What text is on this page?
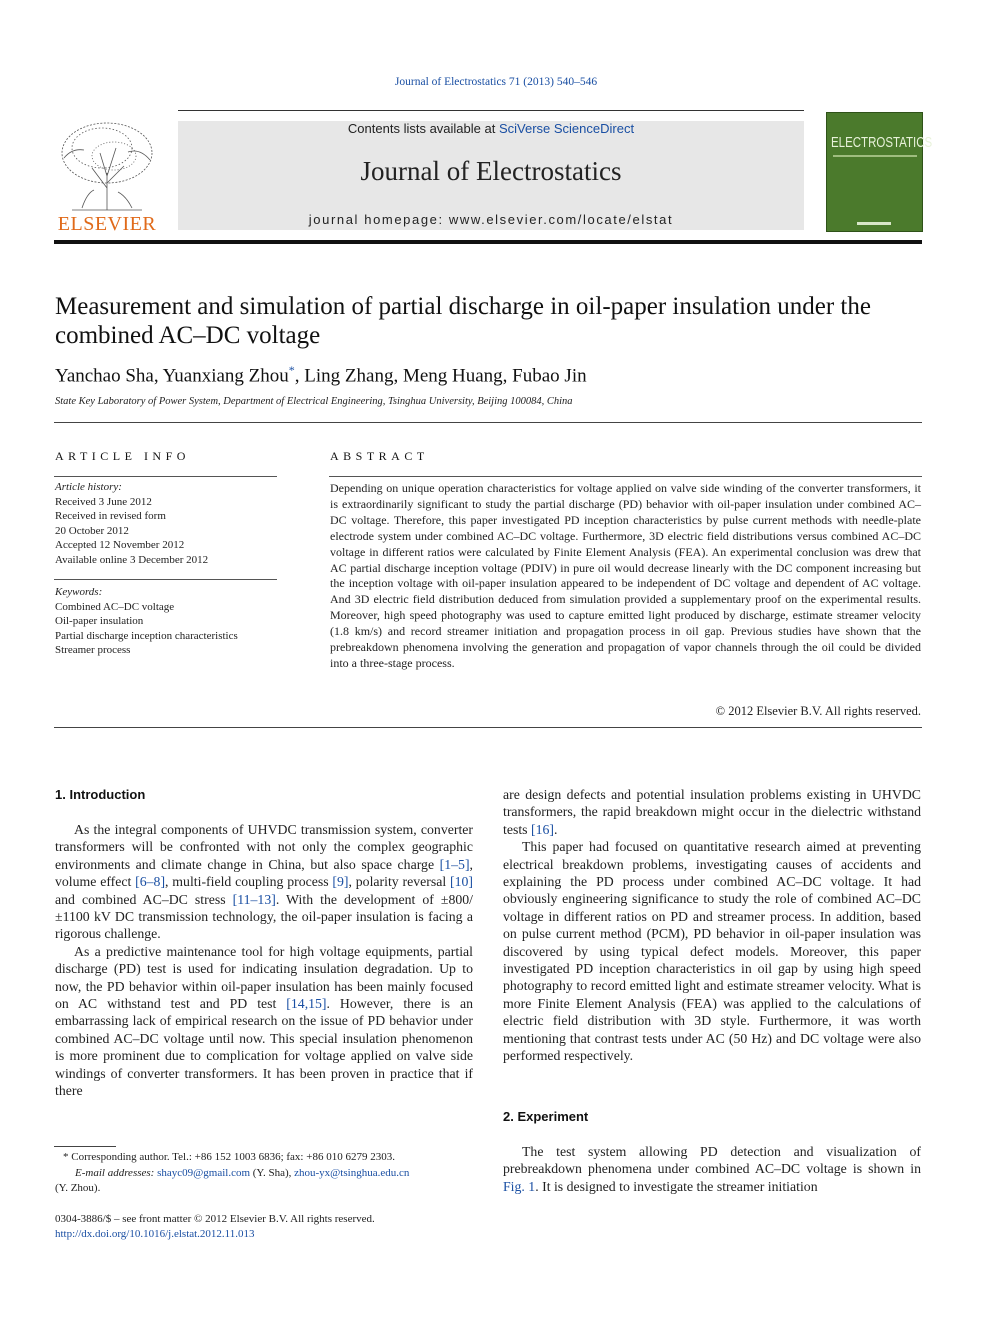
Journal of Electrostatics 71 (2013) 540–546
ELSEVIER
Contents lists available at SciVerse ScienceDirect
Journal of Electrostatics
journal homepage: www.elsevier.com/locate/elstat
ELECTROSTATICS
Measurement and simulation of partial discharge in oil-paper insulation under the combined AC–DC voltage
Yanchao Sha, Yuanxiang Zhou*, Ling Zhang, Meng Huang, Fubao Jin
State Key Laboratory of Power System, Department of Electrical Engineering, Tsinghua University, Beijing 100084, China
ARTICLE INFO
Article history:
Received 3 June 2012
Received in revised form
20 October 2012
Accepted 12 November 2012
Available online 3 December 2012
Keywords:
Combined AC–DC voltage
Oil-paper insulation
Partial discharge inception characteristics
Streamer process
ABSTRACT
Depending on unique operation characteristics for voltage applied on valve side winding of the converter transformers, it is extraordinarily significant to study the partial discharge (PD) behavior with oil-paper insulation under combined AC–DC voltage. Therefore, this paper investigated PD inception characteristics by pulse current methods with needle-plate electrode system under combined AC–DC voltage. Furthermore, 3D electric field distributions versus combined AC–DC voltage in different ratios were calculated by Finite Element Analysis (FEA). An experimental conclusion was drew that AC partial discharge inception voltage (PDIV) in pure oil would decrease linearly with the DC component increasing but the inception voltage with oil-paper insulation appeared to be independent of DC voltage and dependent of AC voltage. And 3D electric field distribution deduced from simulation provided a supplementary proof on the experimental results. Moreover, high speed photography was used to capture emitted light produced by discharge, estimate streamer velocity (1.8 km/s) and record streamer initiation and propagation process in oil gap. Previous studies have shown that the prebreakdown phenomena involving the generation and propagation of vapor channels through the oil could be divided into a three-stage process.
© 2012 Elsevier B.V. All rights reserved.
1. Introduction

As the integral components of UHVDC transmission system, converter transformers will be confronted with not only the complex geographic environments and climate change in China, but also space charge [1–5], volume effect [6–8], multi-field coupling process [9], polarity reversal [10] and combined AC–DC stress [11–13]. With the development of ±800/±1100 kV DC transmission technology, the oil-paper insulation is facing a rigorous challenge.

As a predictive maintenance tool for high voltage equipments, partial discharge (PD) test is used for indicating insulation degradation. Up to now, the PD behavior within oil-paper insulation has been mainly focused on AC withstand test and PD test [14,15]. However, there is an embarrassing lack of empirical research on the issue of PD behavior under combined AC–DC voltage until now. This special insulation phenomenon is more prominent due to complication for voltage applied on valve side windings of converter transformers. It has been proven in practice that if there

are design defects and potential insulation problems existing in UHVDC transformers, the rapid breakdown might occur in the dielectric withstand tests [16].

This paper had focused on quantitative research aimed at preventing electrical breakdown problems, investigating causes of accidents and explaining the PD process under combined AC–DC voltage. It had obviously engineering significance to study the role of combined AC–DC voltage in different ratios on PD and streamer process. In addition, based on pulse current method (PCM), PD behavior in oil-paper insulation was discovered by using typical defect models. Moreover, this paper investigated PD inception characteristics in oil gap by using high speed photography to record emitted light and estimate streamer velocity. What is more Finite Element Analysis (FEA) was applied to the calculations of electric field distribution with 3D style. Furthermore, it was worth mentioning that contrast tests under AC (50 Hz) and DC voltage were also performed respectively.

2. Experiment

The test system allowing PD detection and visualization of prebreakdown phenomena under combined AC–DC voltage is shown in Fig. 1. It is designed to investigate the streamer initiation

* Corresponding author. Tel.: +86 152 1003 6836; fax: +86 010 6279 2303.
E-mail addresses: shayc09@gmail.com (Y. Sha), zhou-yx@tsinghua.edu.cn
(Y. Zhou).
0304-3886/$ – see front matter © 2012 Elsevier B.V. All rights reserved.
http://dx.doi.org/10.1016/j.elstat.2012.11.013
